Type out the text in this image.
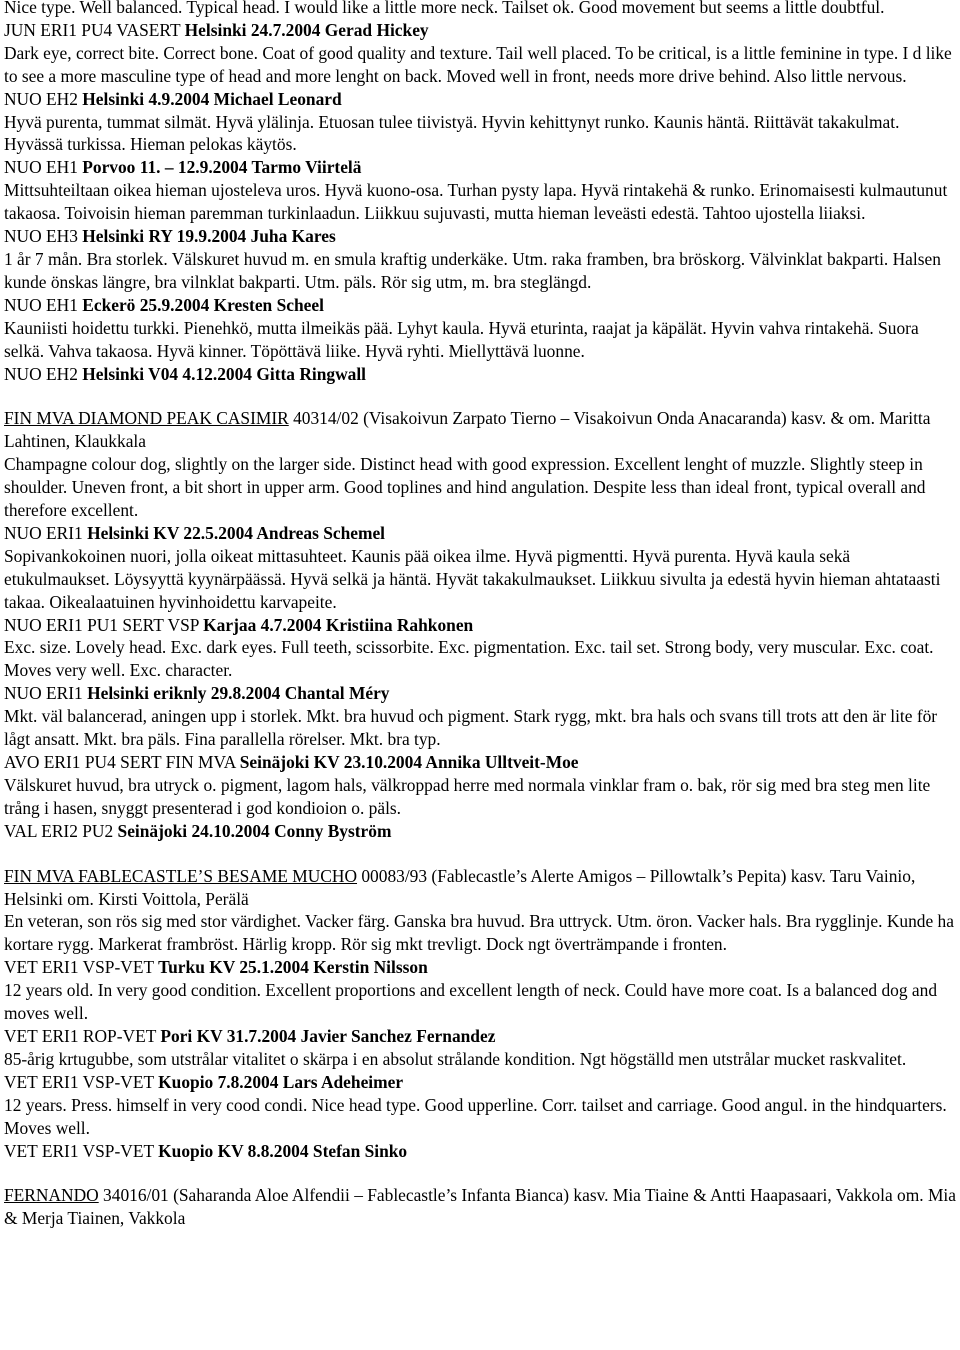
Nice type. Well balanced. Typical head. I would like a little more neck. Tailset ok. Good movement but seems a little doubtful.
JUN ERI1 PU4 VASERT Helsinki 24.7.2004 Gerad Hickey
Dark eye, correct bite. Correct bone. Coat of good quality and texture. Tail well placed. To be critical, is a little feminine in type. I d like to see a more masculine type of head and more lenght on back. Moved well in front, needs more drive behind. Also little nervous.
NUO EH2 Helsinki 4.9.2004 Michael Leonard
Hyvä purenta, tummat silmät. Hyvä ylälinja. Etuosan tulee tiivistyä. Hyvin kehittynyt runko. Kaunis häntä. Riittävät takakulmat. Hyvässä turkissa. Hieman pelokas käytös.
NUO EH1 Porvoo 11. – 12.9.2004 Tarmo Viirtelä
Mittsuhteiltaan oikea hieman ujosteleva uros. Hyvä kuono-osa. Turhan pysty lapa. Hyvä rintakehä & runko. Erinomaisesti kulmautunut takaosa. Toivoisin hieman paremman turkinlaadun. Liikkuu sujuvasti, mutta hieman leveästi edestä. Tahtoo ujostella liiaksi.
NUO EH3 Helsinki RY 19.9.2004 Juha Kares
1 år 7 mån. Bra storlek. Välskuret huvud m. en smula kraftig underkäke. Utm. raka framben, bra bröskorg. Välvinklat bakparti. Halsen kunde önskas längre, bra vilnklat bakparti. Utm. päls. Rör sig utm, m. bra steglängd.
NUO EH1 Eckerö 25.9.2004 Kresten Scheel
Kauniisti hoidettu turkki. Pienehkö, mutta ilmeikäs pää. Lyhyt kaula. Hyvä eturinta, raajat ja käpälät. Hyvin vahva rintakehä. Suora selkä. Vahva takaosa. Hyvä kinner. Töpöttävä liike. Hyvä ryhti. Miellyttävä luonne.
NUO EH2 Helsinki V04 4.12.2004 Gitta Ringwall
FIN MVA DIAMOND PEAK CASIMIR 40314/02 (Visakoivun Zarpato Tierno – Visakoivun Onda Anacaranda) kasv. & om. Maritta Lahtinen, Klaukkala
Champagne colour dog, slightly on the larger side. Distinct head with good expression. Excellent lenght of muzzle. Slightly steep in shoulder. Uneven front, a bit short in upper arm. Good toplines and hind angulation. Despite less than ideal front, typical overall and therefore excellent.
NUO ERI1 Helsinki KV 22.5.2004 Andreas Schemel
Sopivankokoinen nuori, jolla oikeat mittasuhteet. Kaunis pää oikea ilme. Hyvä pigmentti. Hyvä purenta. Hyvä kaula sekä etukulmaukset. Löysyyttä kyynärpäässä. Hyvä selkä ja häntä. Hyvät takakulmaukset. Liikkuu sivulta ja edestä hyvin hieman ahtataasti takaa. Oikealaatuinen hyvinhoidettu karvapeite.
NUO ERI1 PU1 SERT VSP Karjaa 4.7.2004 Kristiina Rahkonen
Exc. size. Lovely head. Exc. dark eyes. Full teeth, scissorbite. Exc. pigmentation. Exc. tail set. Strong body, very muscular. Exc. coat. Moves very well. Exc. character.
NUO ERI1 Helsinki eriknly 29.8.2004 Chantal Méry
Mkt. väl balancerad, aningen upp i storlek. Mkt. bra huvud och pigment. Stark rygg, mkt. bra hals och svans till trots att den är lite för lågt ansatt. Mkt. bra päls. Fina parallella rörelser. Mkt. bra typ.
AVO ERI1 PU4 SERT FIN MVA Seinäjoki KV 23.10.2004 Annika Ulltveit-Moe
Välskuret huvud, bra utryck o. pigment, lagom hals, välkroppad herre med normala vinklar fram o. bak, rör sig med bra steg men lite trång i hasen, snyggt presenterad i god kondioion o. päls.
VAL ERI2 PU2 Seinäjoki 24.10.2004 Conny Byström
FIN MVA FABLECASTLE’S BESAME MUCHO 00083/93 (Fablecastle’s Alerte Amigos – Pillowtalk’s Pepita) kasv. Taru Vainio, Helsinki om. Kirsti Voittola, Perälä
En veteran, son rös sig med stor värdighet. Vacker färg. Ganska bra huvud. Bra uttryck. Utm. öron. Vacker hals. Bra rygglinje. Kunde ha kortare rygg. Markerat frambröst. Härlig kropp. Rör sig mkt trevligt. Dock ngt överträmpande i fronten.
VET ERI1 VSP-VET Turku KV 25.1.2004 Kerstin Nilsson
12 years old. In very good condition. Excellent proportions and excellent length of neck. Could have more coat. Is a balanced dog and moves well.
VET ERI1 ROP-VET Pori KV 31.7.2004 Javier Sanchez Fernandez
85-årig krtugubbe, som utstrålar vitalitet o skärpa i en absolut strålande kondition. Ngt högställd men utstrålar mucket raskvalitet.
VET ERI1 VSP-VET Kuopio 7.8.2004 Lars Adeheimer
12 years. Press. himself in very cood condi. Nice head type. Good upperline. Corr. tailset and carriage. Good angul. in the hindquarters. Moves well.
VET ERI1 VSP-VET Kuopio KV 8.8.2004 Stefan Sinko
FERNANDO 34016/01 (Saharanda Aloe Alfendii – Fablecastle’s Infanta Bianca) kasv. Mia Tiaine & Antti Haapasaari, Vakkola om. Mia & Merja Tiainen, Vakkola
